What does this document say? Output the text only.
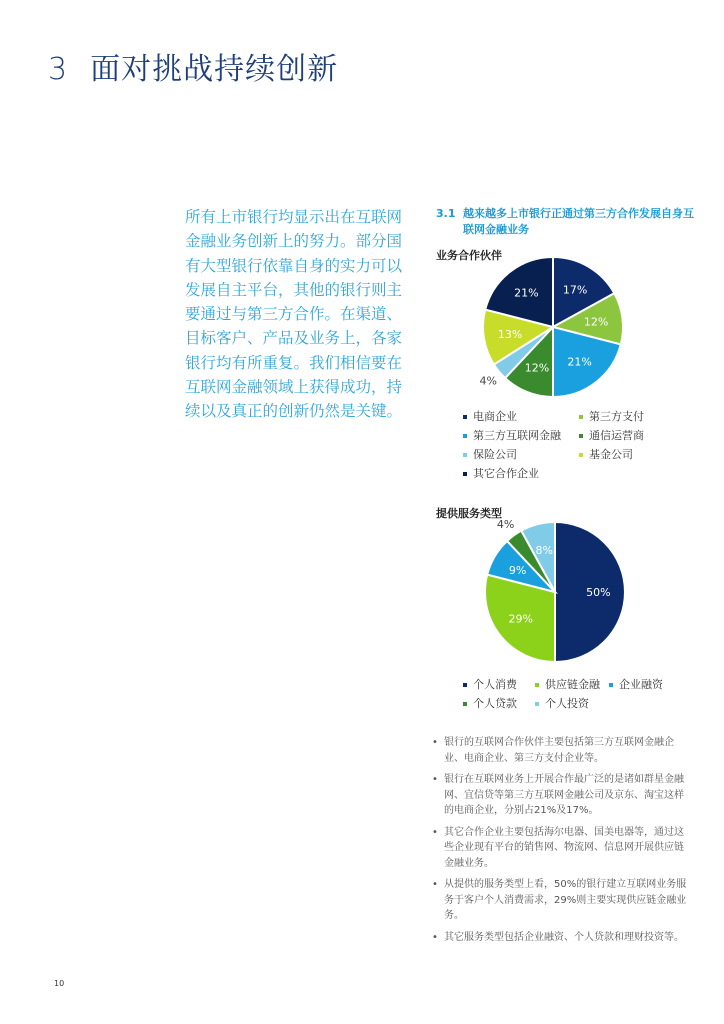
3 面对挑战持续创新
所有上市银行均显示出在互联网金融业务创新上的努力。部分国有大型银行依靠自身的实力可以发展自主平台，其他的银行则主要通过与第三方合作。在渠道、目标客户、产品及业务上，各家银行均有所重复。我们相信要在互联网金融领域上获得成功，持续以及真正的创新仍然是关键。
3.1 越来越多上市银行正通过第三方合作发展自身互联网金融业务
业务合作伙伴
17%
12%
21%
12%
4%
13%
21%
电商企业	第三方支付
第三方互联网金融	通信运营商
保险公司	基金公司
其它合作企业
提供服务类型
50%
29%
9%
4%
8%
个人消费	供应链金融	企业融资
个人贷款	个人投资
• 银行的互联网合作伙伴主要包括第三方互联网金融企业、电商企业、第三方支付企业等。
• 银行在互联网业务上开展合作最广泛的是诸如群星金融网、宜信贷等第三方互联网金融公司及京东、淘宝这样的电商企业，分别占21%及17%。
• 其它合作企业主要包括海尔电器、国美电器等，通过这些企业现有平台的销售网、物流网、信息网开展供应链金融业务。
• 从提供的服务类型上看，50%的银行建立互联网业务服务于客户个人消费需求，29%则主要实现供应链金融业务。
• 其它服务类型包括企业融资、个人贷款和理财投资等。
10
